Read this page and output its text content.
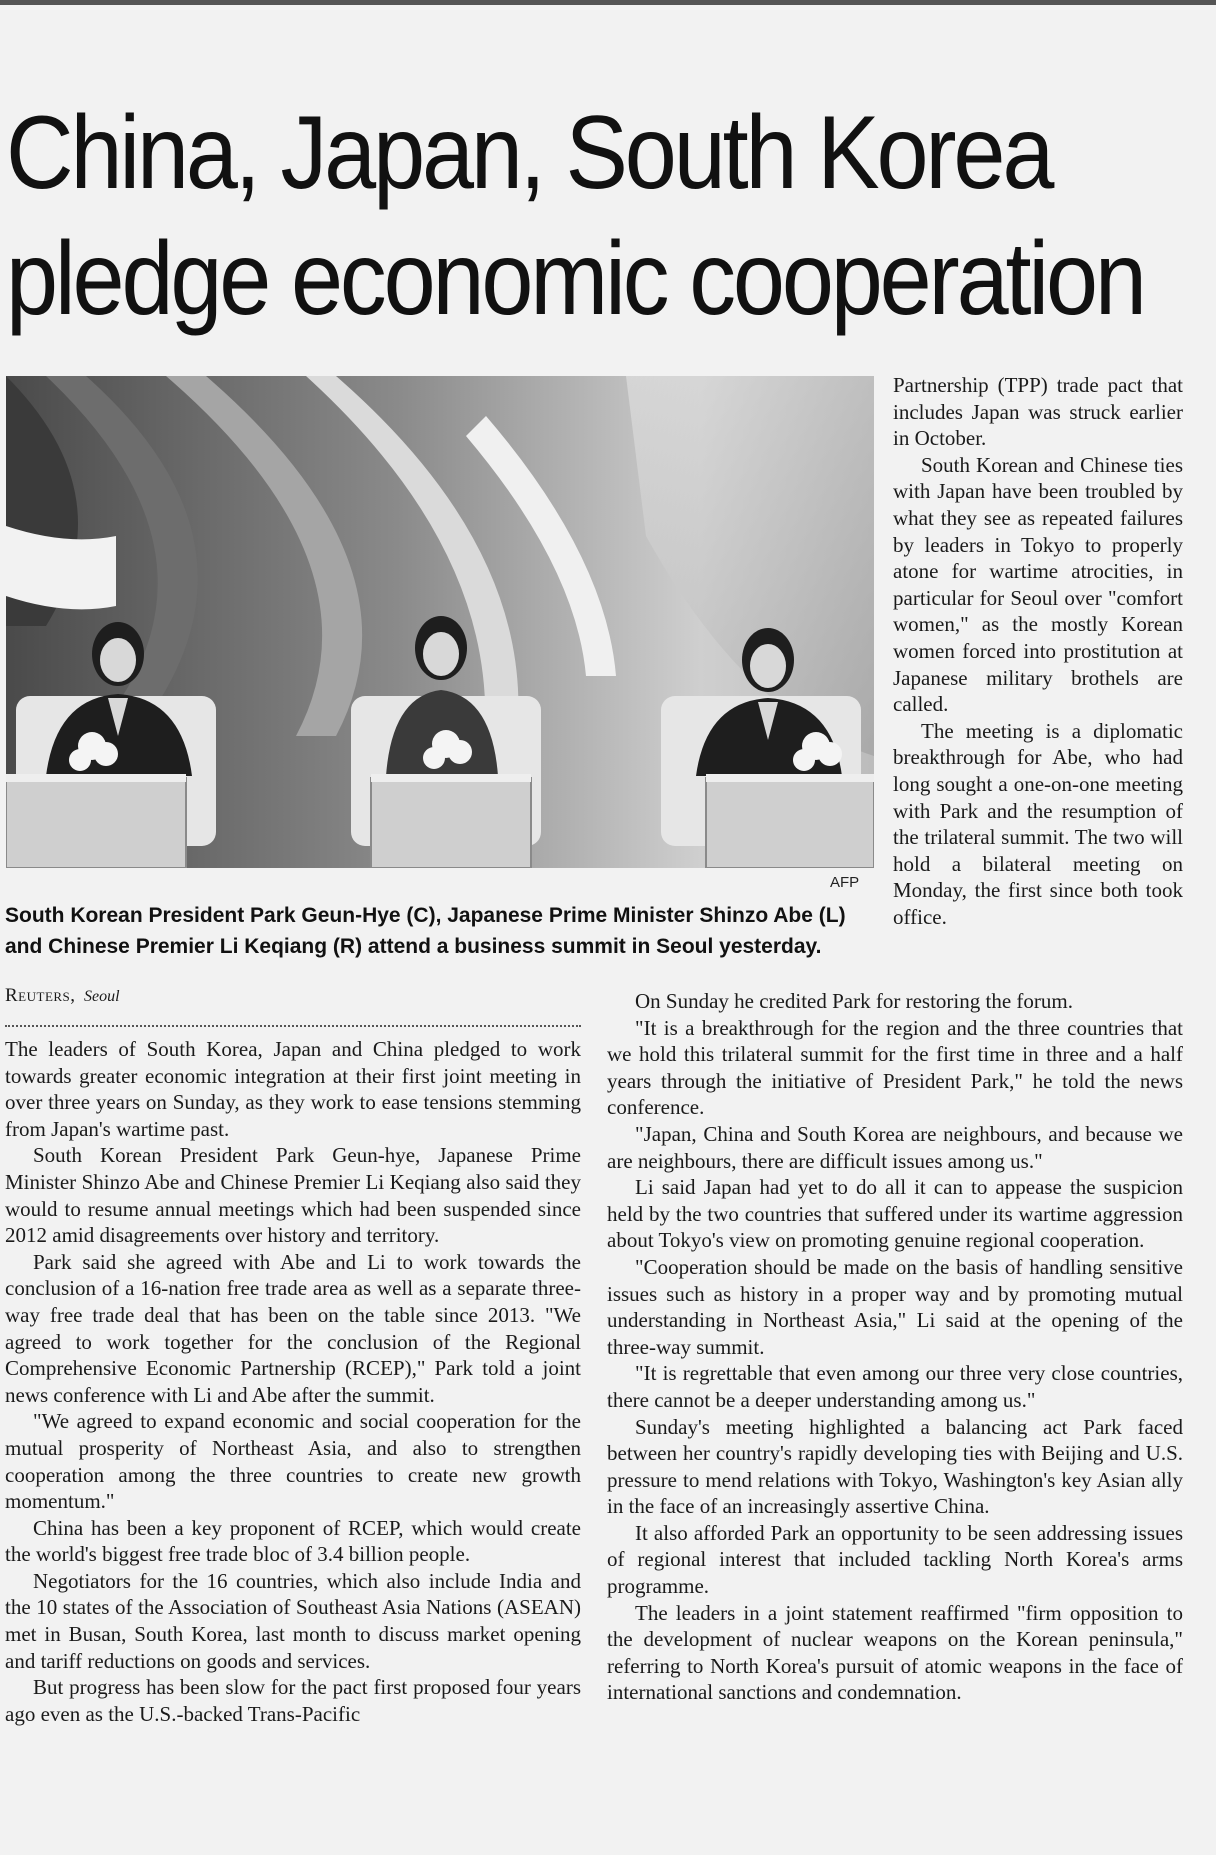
China, Japan, South Korea
pledge economic cooperation
AFP

South Korean President Park Geun-Hye (C), Japanese Prime Minister Shinzo Abe (L) and Chinese Premier Li Keqiang (R) attend a business summit in Seoul yesterday.

Reuters, Seoul

The leaders of South Korea, Japan and China pledged to work towards greater economic integration at their first joint meeting in over three years on Sunday, as they work to ease tensions stemming from Japan's wartime past.

South Korean President Park Geun-hye, Japanese Prime Minister Shinzo Abe and Chinese Premier Li Keqiang also said they would to resume annual meetings which had been suspended since 2012 amid disagreements over history and territory.

Park said she agreed with Abe and Li to work towards the conclusion of a 16-nation free trade area as well as a separate three-way free trade deal that has been on the table since 2013. "We agreed to work together for the conclusion of the Regional Comprehensive Economic Partnership (RCEP)," Park told a joint news conference with Li and Abe after the summit.

"We agreed to expand economic and social cooperation for the mutual prosperity of Northeast Asia, and also to strengthen cooperation among the three countries to create new growth momentum."

China has been a key proponent of RCEP, which would create the world's biggest free trade bloc of 3.4 billion people.

Negotiators for the 16 countries, which also include India and the 10 states of the Association of Southeast Asia Nations (ASEAN) met in Busan, South Korea, last month to discuss market opening and tariff reductions on goods and services.

But progress has been slow for the pact first proposed four years ago even as the U.S.-backed Trans-Pacific

Partnership (TPP) trade pact that includes Japan was struck earlier in October.

South Korean and Chinese ties with Japan have been troubled by what they see as repeated failures by leaders in Tokyo to properly atone for wartime atrocities, in particular for Seoul over "comfort women," as the mostly Korean women forced into prostitution at Japanese military brothels are called.

The meeting is a diplomatic breakthrough for Abe, who had long sought a one-on-one meeting with Park and the resumption of the trilateral summit. The two will hold a bilateral meeting on Monday, the first since both took office.

On Sunday he credited Park for restoring the forum.

"It is a breakthrough for the region and the three countries that we hold this trilateral summit for the first time in three and a half years through the initiative of President Park," he told the news conference.

"Japan, China and South Korea are neighbours, and because we are neighbours, there are difficult issues among us."

Li said Japan had yet to do all it can to appease the suspicion held by the two countries that suffered under its wartime aggression about Tokyo's view on promoting genuine regional cooperation.

"Cooperation should be made on the basis of handling sensitive issues such as history in a proper way and by promoting mutual understanding in Northeast Asia," Li said at the opening of the three-way summit.

"It is regrettable that even among our three very close countries, there cannot be a deeper understanding among us."

Sunday's meeting highlighted a balancing act Park faced between her country's rapidly developing ties with Beijing and U.S. pressure to mend relations with Tokyo, Washington's key Asian ally in the face of an increasingly assertive China.

It also afforded Park an opportunity to be seen addressing issues of regional interest that included tackling North Korea's arms programme.

The leaders in a joint statement reaffirmed "firm opposition to the development of nuclear weapons on the Korean peninsula," referring to North Korea's pursuit of atomic weapons in the face of international sanctions and condemnation.
